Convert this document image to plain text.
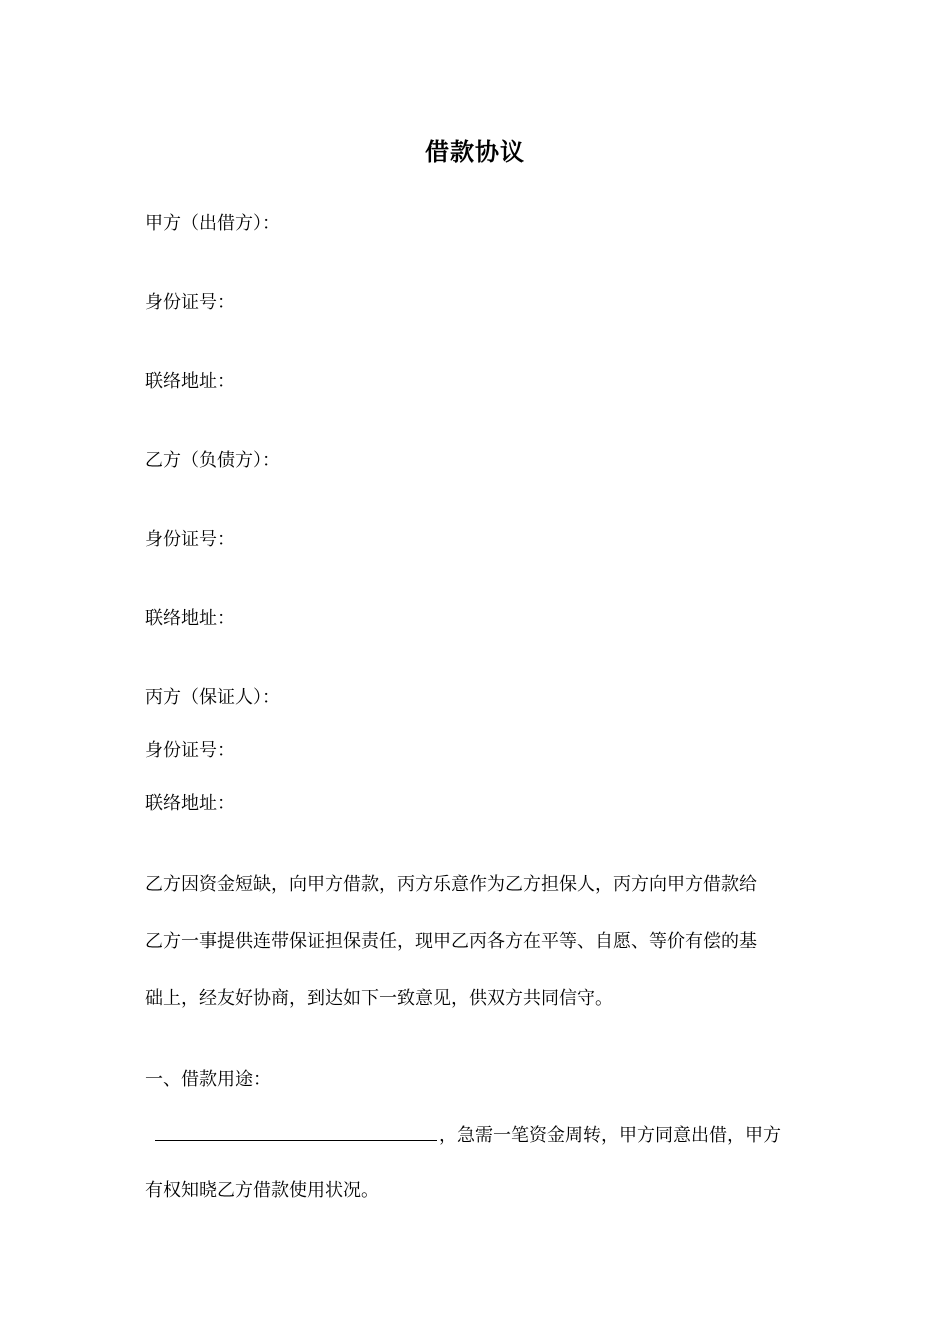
借款协议
甲方（出借方）：
身份证号：
联络地址：
乙方（负债方）：
身份证号：
联络地址：
丙方（保证人）：
身份证号：
联络地址：
乙方因资金短缺，向甲方借款，丙方乐意作为乙方担保人，丙方向甲方借款给
乙方一事提供连带保证担保责任，现甲乙丙各方在平等、自愿、等价有偿的基
础上，经友好协商，到达如下一致意见，供双方共同信守。
一、借款用途：
，急需一笔资金周转，甲方同意出借，甲方
有权知晓乙方借款使用状况。
